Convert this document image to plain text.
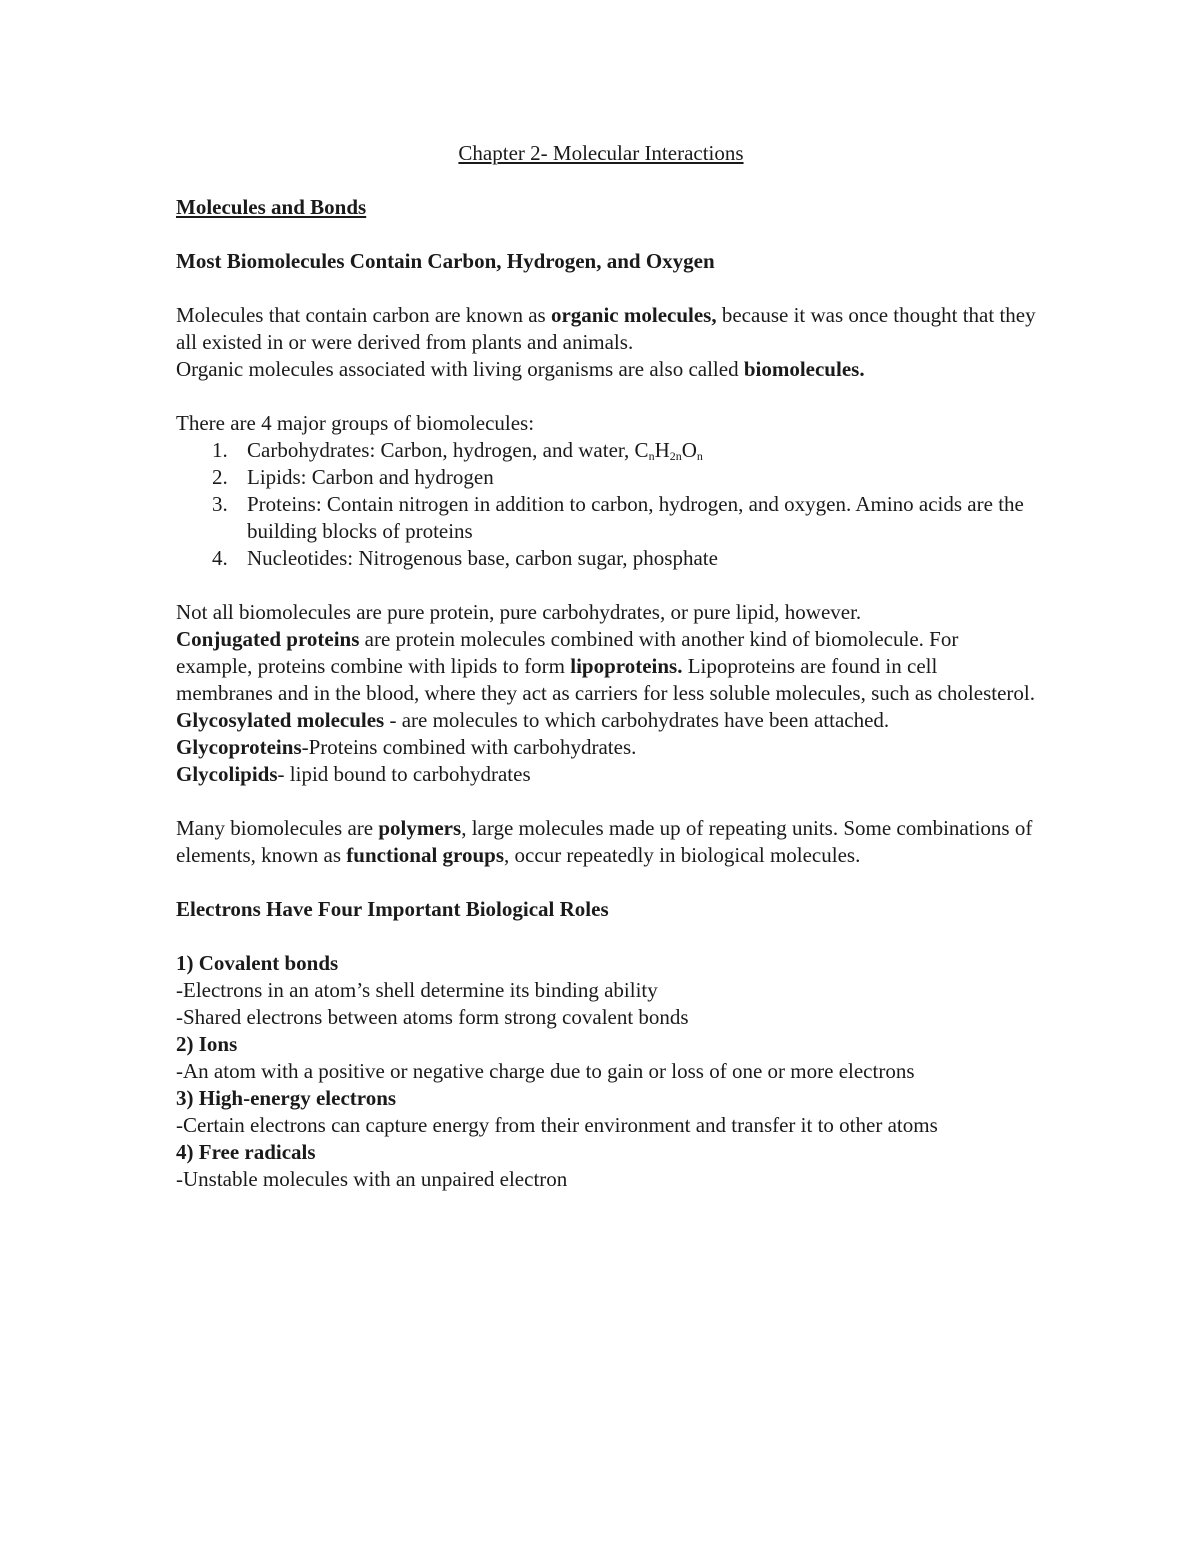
Chapter 2- Molecular Interactions

Molecules and Bonds

Most Biomolecules Contain Carbon, Hydrogen, and Oxygen

Molecules that contain carbon are known as organic molecules, because it was once thought that they all existed in or were derived from plants and animals.

Organic molecules associated with living organisms are also called biomolecules.

There are 4 major groups of biomolecules:

1. Carbohydrates: Carbon, hydrogen, and water, $C_nH_{2n}O_n$
2. Lipids: Carbon and hydrogen
3. Proteins: Contain nitrogen in addition to carbon, hydrogen, and oxygen. Amino acids are the building blocks of proteins
4. Nucleotides: Nitrogenous base, carbon sugar, phosphate

Not all biomolecules are pure protein, pure carbohydrates, or pure lipid, however.

Conjugated proteins are protein molecules combined with another kind of biomolecule. For example, proteins combine with lipids to form lipoproteins. Lipoproteins are found in cell membranes and in the blood, where they act as carriers for less soluble molecules, such as cholesterol.

Glycosylated molecules - are molecules to which carbohydrates have been attached.

Glycoproteins-Proteins combined with carbohydrates.

Glycolipids- lipid bound to carbohydrates

Many biomolecules are polymers, large molecules made up of repeating units. Some combinations of elements, known as functional groups, occur repeatedly in biological molecules.

Electrons Have Four Important Biological Roles

1) Covalent bonds

-Electrons in an atom’s shell determine its binding ability

-Shared electrons between atoms form strong covalent bonds

2) Ions

-An atom with a positive or negative charge due to gain or loss of one or more electrons

3) High-energy electrons

-Certain electrons can capture energy from their environment and transfer it to other atoms

4) Free radicals

-Unstable molecules with an unpaired electron
